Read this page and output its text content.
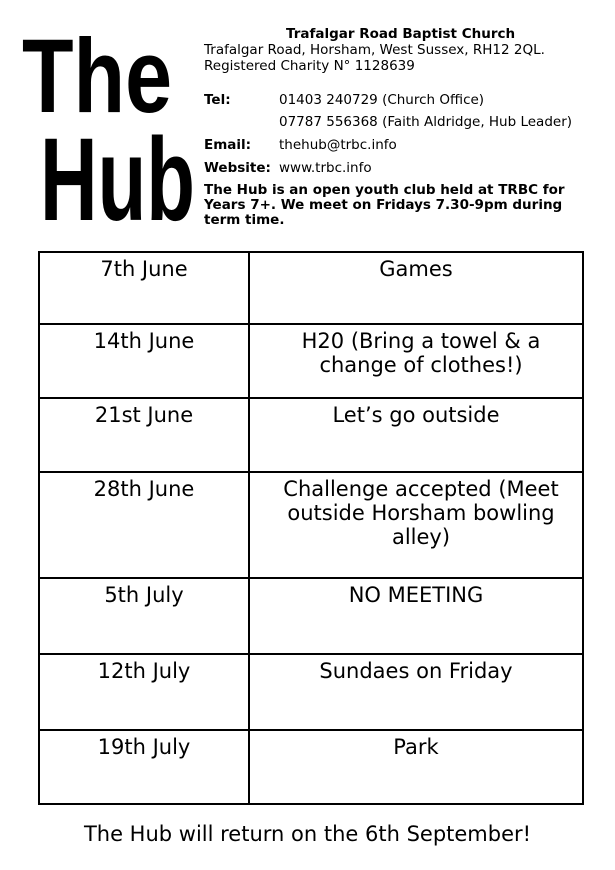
The
Hub
Trafalgar Road Baptist Church
Trafalgar Road, Horsham, West Sussex, RH12 2QL.
Registered Charity N° 1128639
Tel:	01403 240729 (Church Office)
07787 556368 (Faith Aldridge, Hub Leader)
Email: thehub@trbc.info
Website: www.trbc.info
The Hub is an open youth club held at TRBC for Years 7+. We meet on Fridays 7.30-9pm during term time.
7th June	Games
14th June	H20 (Bring a towel & a change of clothes!)
21st June	Let’s go outside
28th June	Challenge accepted (Meet outside Horsham bowling alley)
5th July	NO MEETING
12th July	Sundaes on Friday
19th July	Park
The Hub will return on the 6th September!
